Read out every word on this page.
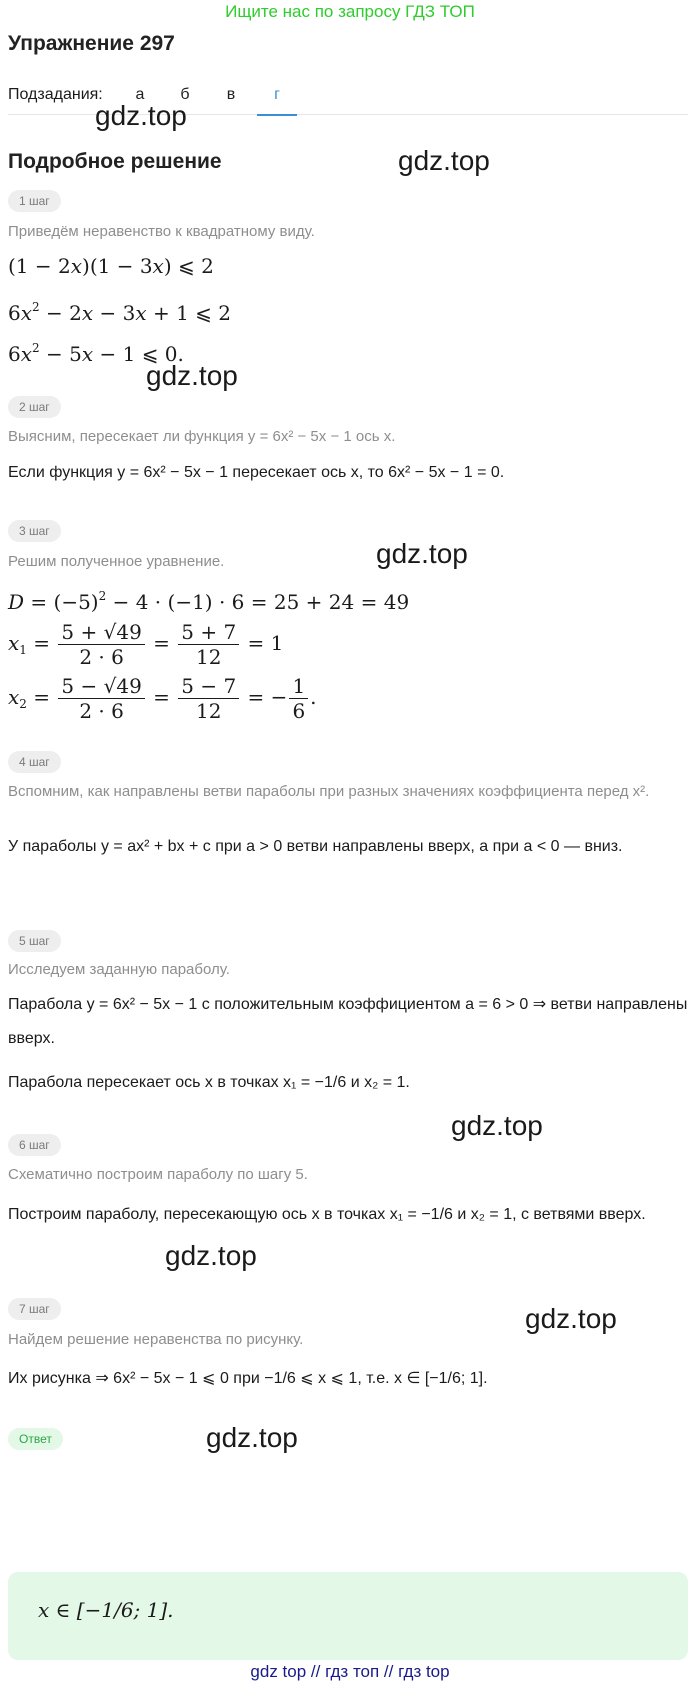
Ищите нас по запросу ГДЗ ТОП
Упражнение 297
Подзадания:	а	б	в	г
Подробное решение
gdz.top
gdz.top
gdz.top
gdz.top
gdz.top
gdz.top
gdz.top
gdz.top
1 шаг
Приведём неравенство к квадратному виду.
(1 − 2x)(1 − 3x) ⩽ 2
$6x^2 - 2x - 3x + 1$ ⩽ 2
$6x^2 - 5x - 1$ ⩽ 0.
2 шаг
Выясним, пересекает ли функция y = 6x² − 5x − 1 ось x.
Если функция y = 6x² − 5x − 1 пересекает ось x, то 6x² − 5x − 1 = 0.
3 шаг
Решим полученное уравнение.
$D = (-5)^2 - 4 \cdot (-1) \cdot 6 = 25 + 24 = 49$
$x_1 = \frac{5 + √49}{2 \cdot 6} = \frac{5 + 7}{12} = 1$
$x_2 = \frac{5 - √49}{2 \cdot 6} = \frac{5 - 7}{12}$ = − $\frac{1}{6}$ .
4 шаг
Вспомним, как направлены ветви параболы при разных значениях коэффициента перед x².
У параболы y = ax² + bx + c при a > 0 ветви направлены вверх, а при a < 0 — вниз.
5 шаг
Исследуем заданную параболу.
Парабола y = 6x² − 5x − 1 с положительным коэффициентом a = 6 > 0 ⇒ ветви направлены вверх.
Парабола пересекает ось x в точках x₁ = −1/6 и x₂ = 1.
6 шаг
Схематично построим параболу по шагу 5.
Построим параболу, пересекающую ось x в точках x₁ = −1/6 и x₂ = 1, с ветвями вверх.
7 шаг
Найдем решение неравенства по рисунку.
Их рисунка ⇒ 6x² − 5x − 1 ⩽ 0 при −1/6 ⩽ x ⩽ 1, т.е. x ∈ [−1/6; 1].
Ответ
x ∈ [−1/6; 1].
gdz top // гдз топ // гдз top
